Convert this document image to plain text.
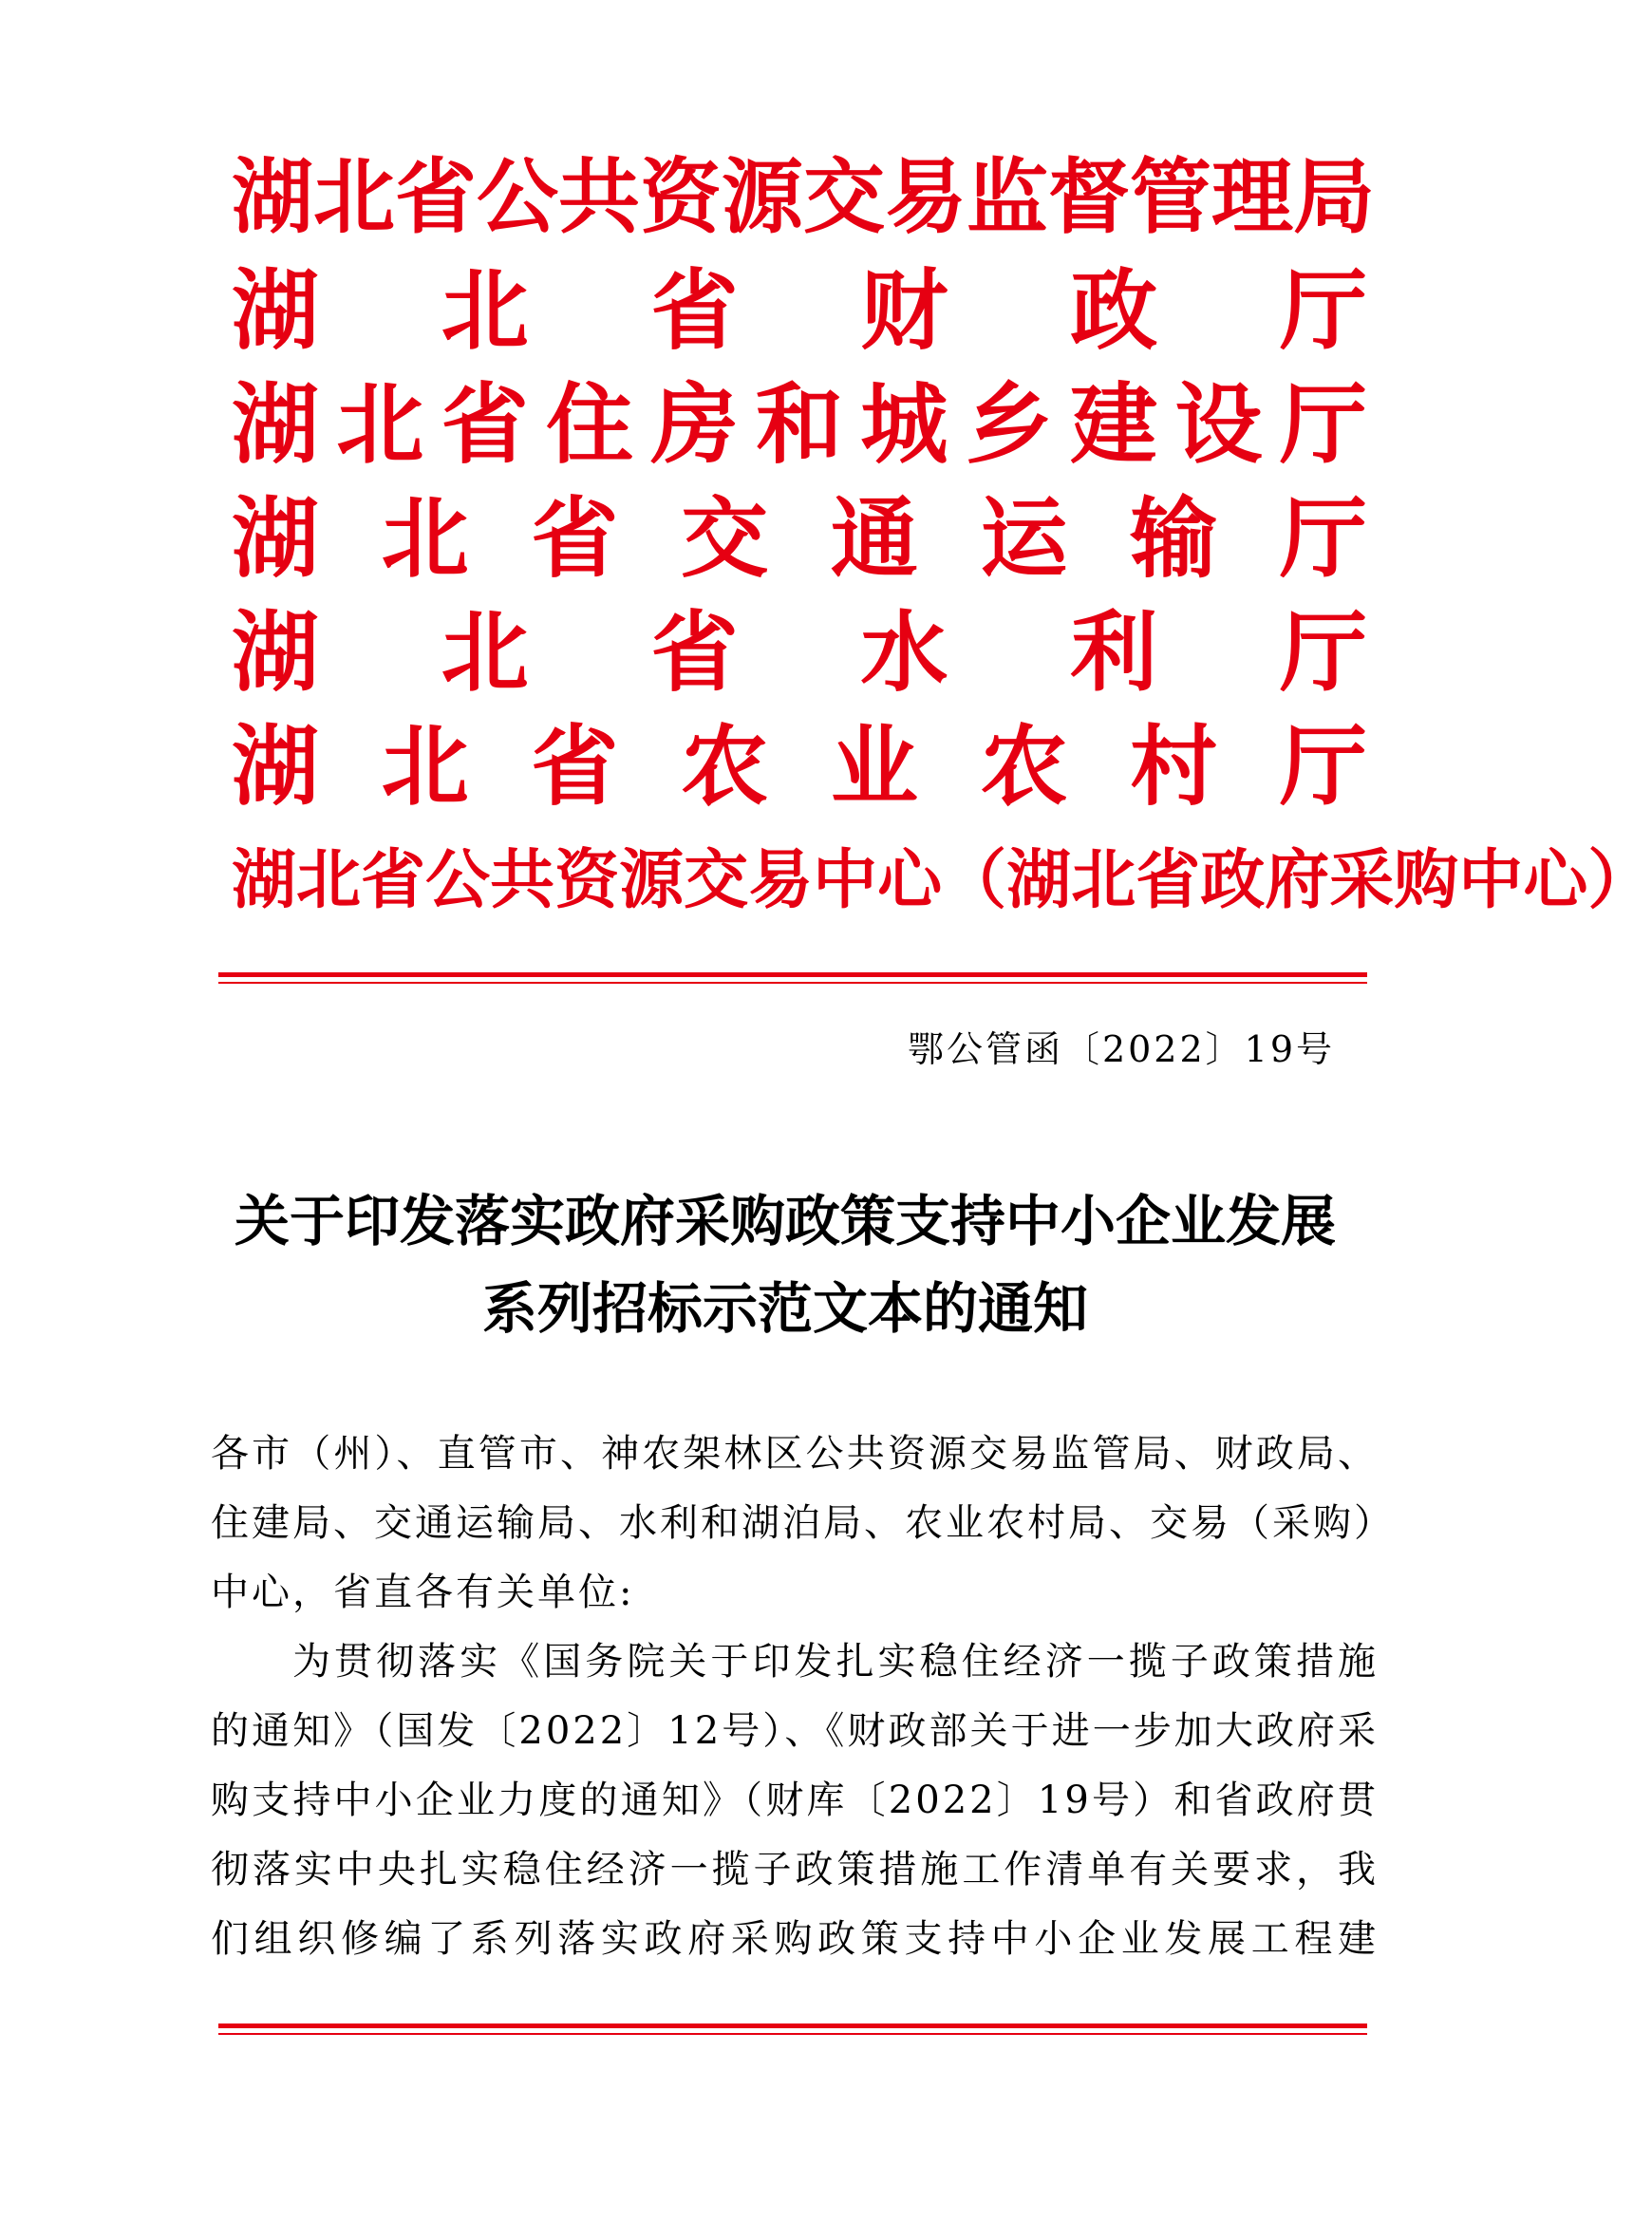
湖 北 省 公 共 资 源 交 易 监 督 管 理 局
湖 北 省 财 政 厅
湖 北 省 住 房 和 城 乡 建 设 厅
湖 北 省 交 通 运 输 厅
湖 北 省 水 利 厅
湖 北 省 农 业 农 村 厅
湖 北 省 公 共 资 源 交 易 中 心 （ 湖 北 省 政 府 采 购 中 心 ）
鄂公管函〔2022〕19号
关于印发落实政府采购政策支持中小企业发展
系列招标示范文本的通知
各市（州）、直管市、神农架林区公共资源交易监管局、财政局、
住建局、交通运输局、水利和湖泊局、农业农村局、交易（采购）
中心，省直各有关单位:
为贯彻落实《国务院关于印发扎实稳住经济一揽子政策措施
的通知》（国发〔2022〕12号）、《财政部关于进一步加大政府采
购支持中小企业力度的通知》（财库〔2022〕19号）和省政府贯
彻落实中央扎实稳住经济一揽子政策措施工作清单有关要求，我
们组织修编了系列落实政府采购政策支持中小企业发展工程建
